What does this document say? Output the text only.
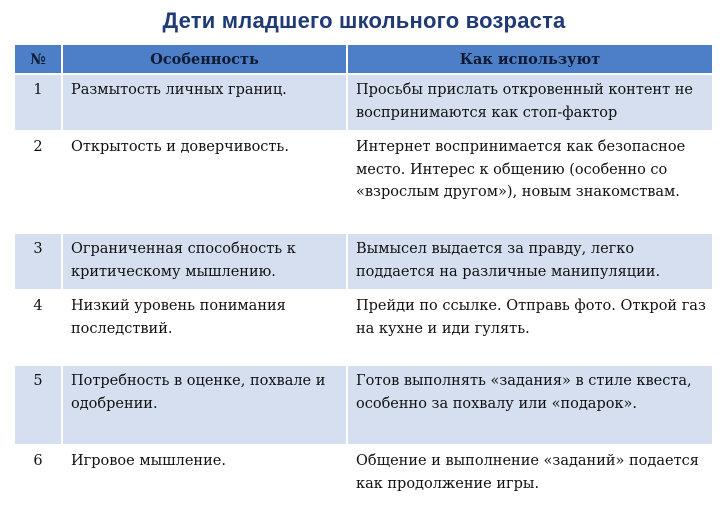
Дети младшего школьного возраста
№	Особенность	Как используют
1	Размытость личных границ.	Просьбы прислать откровенный контент не воспринимаются как стоп-фактор
2	Открытость и доверчивость.	Интернет воспринимается как безопасное место. Интерес к общению (особенно со «взрослым другом»), новым знакомствам.
3	Ограниченная способность к критическому мышлению.	Вымысел выдается за правду, легко поддается на различные манипуляции.
4	Низкий уровень понимания последствий.	Прейди по ссылке. Отправь фото. Открой газ на кухне и иди гулять.
5	Потребность в оценке, похвале и одобрении.	Готов выполнять «задания» в стиле квеста, особенно за похвалу или «подарок».
6	Игровое мышление.	Общение и выполнение «заданий» подается как продолжение игры.
